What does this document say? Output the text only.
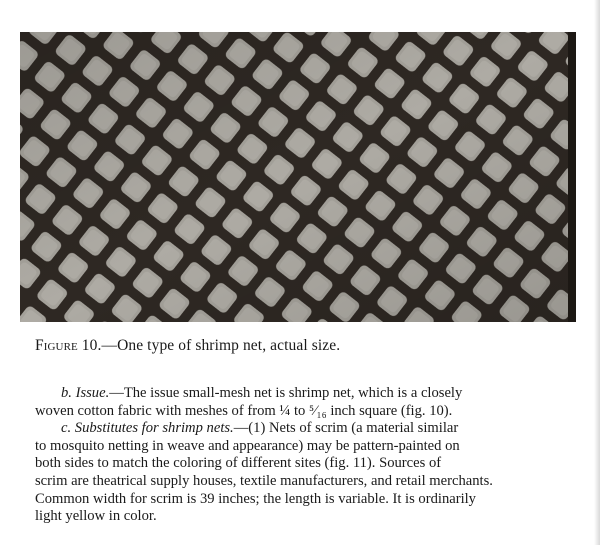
Figure 10.—One type of shrimp net, actual size.
b. Issue.—The issue small-mesh net is shrimp net, which is a closely
woven cotton fabric with meshes of from ¼ to ⁵⁄₁₆ inch square (fig. 10).
c. Substitutes for shrimp nets.—(1) Nets of scrim (a material similar
to mosquito netting in weave and appearance) may be pattern-painted on
both sides to match the coloring of different sites (fig. 11). Sources of
scrim are theatrical supply houses, textile manufacturers, and retail merchants.
Common width for scrim is 39 inches; the length is variable. It is ordinarily
light yellow in color.
